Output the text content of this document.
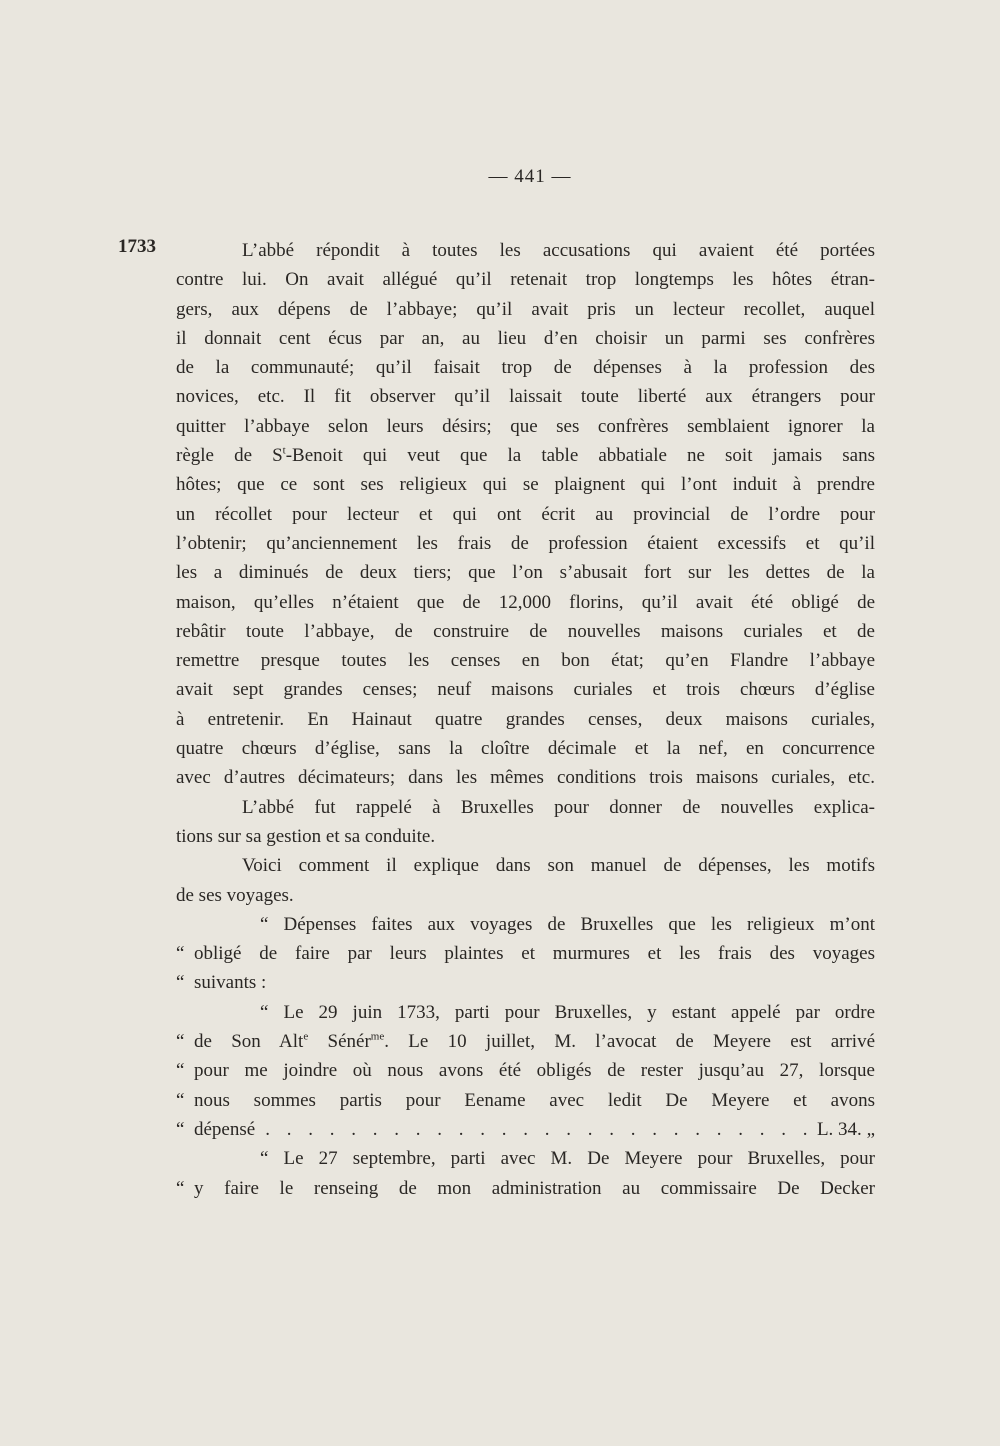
— 441 —
1733	L’abbé répondit à toutes les accusations qui avaient été portées
contre lui. On avait allégué qu’il retenait trop longtemps les hôtes étran-
gers, aux dépens de l’abbaye; qu’il avait pris un lecteur recollet, auquel
il donnait cent écus par an, au lieu d’en choisir un parmi ses confrères
de la communauté; qu’il faisait trop de dépenses à la profession des
novices, etc. Il fit observer qu’il laissait toute liberté aux étrangers pour
quitter l’abbaye selon leurs désirs; que ses confrères semblaient ignorer la
règle de $S^t$-Benoit qui veut que la table abbatiale ne soit jamais sans
hôtes; que ce sont ses religieux qui se plaignent qui l’ont induit à prendre
un récollet pour lecteur et qui ont écrit au provincial de l’ordre pour
l’obtenir; qu’anciennement les frais de profession étaient excessifs et qu’il
les a diminués de deux tiers; que l’on s’abusait fort sur les dettes de la
maison, qu’elles n’étaient que de 12,000 florins, qu’il avait été obligé de
rebâtir toute l’abbaye, de construire de nouvelles maisons curiales et de
remettre presque toutes les censes en bon état; qu’en Flandre l’abbaye
avait sept grandes censes; neuf maisons curiales et trois chœurs d’église
à entretenir. En Hainaut quatre grandes censes, deux maisons curiales,
quatre chœurs d’église, sans la cloître décimale et la nef, en concurrence
avec d’autres décimateurs; dans les mêmes conditions trois maisons curiales, etc.
L’abbé fut rappelé à Bruxelles pour donner de nouvelles explica-
tions sur sa gestion et sa conduite.
Voici comment il explique dans son manuel de dépenses, les motifs
de ses voyages.
“ Dépenses faites aux voyages de Bruxelles que les religieux m’ont
“ obligé de faire par leurs plaintes et murmures et les frais des voyages
“ suivants :
“ Le 29 juin 1733, parti pour Bruxelles, y estant appelé par ordre
“ de Son Alt$^e$ Sénér$^{me}$. Le 10 juillet, M. l’avocat de Meyere est arrivé
“ pour me joindre où nous avons été obligés de rester jusqu’au 27, lorsque
“ nous sommes partis pour Eename avec ledit De Meyere et avons
“ dépensé
. . .	L. 34.
„
“ Le 27 septembre, parti avec M. De Meyere pour Bruxelles, pour
“ y faire le renseing de mon administration au commissaire De Decker
